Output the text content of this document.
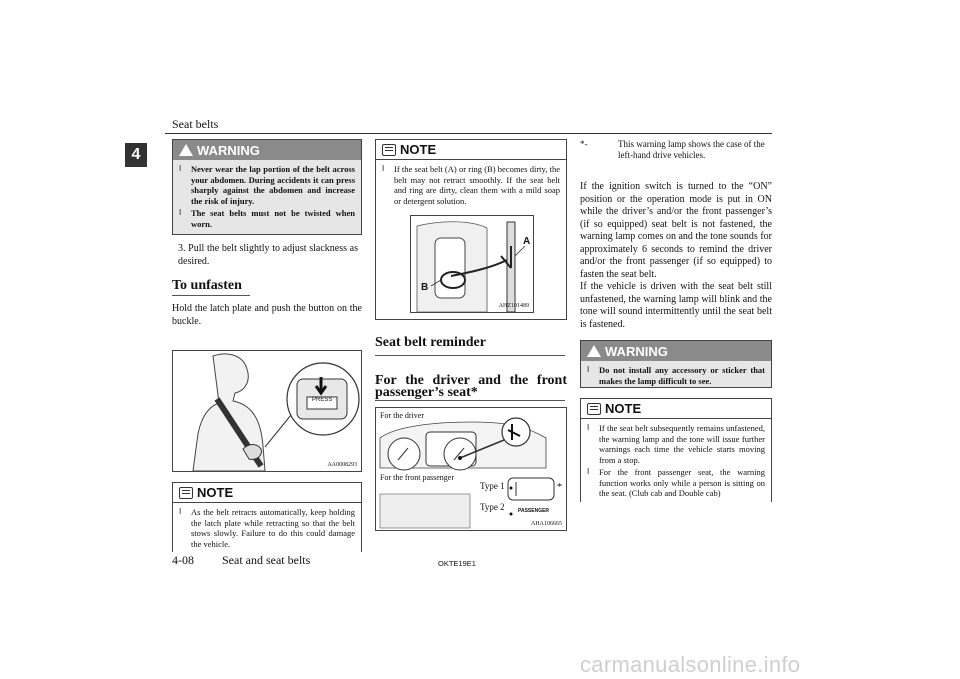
Seat belts
4	WARNING
l	Never wear the lap portion of the belt across your abdomen. During accidents it can press sharply against the abdomen and increase the risk of injury.
l	The seat belts must not be twisted when worn.
3. Pull the belt slightly to adjust slackness as desired.
To unfasten
Hold the latch plate and push the button on the buckle.
PRESS
AA0008293
NOTE
l	As the belt retracts automatically, keep holding the latch plate while retracting so that the belt stows slowly. Failure to do this could damage the vehicle.
NOTE
l	If the seat belt (A) or ring (B) becomes dirty, the belt may not retract smoothly. If the seat belt and ring are dirty, clean them with a mild soap or detergent solution.
A
B
AHZ101489
Seat belt reminder
For the driver and the front passenger’s seat*
For the driver
For the front passenger
Type 1
Type 2
*
PASSENGER
AHA106665
*-	This warning lamp shows the case of the left-hand drive vehicles.
If the ignition switch is turned to the “ON” position or the operation mode is put in ON while the driver’s and/or the front passenger’s (if so equipped) seat belt is not fastened, the warning lamp comes on and the tone sounds for approximately 6 seconds to remind the driver and/or the front passenger (if so equipped) to fasten the seat belt.
If the vehicle is driven with the seat belt still unfastened, the warning lamp will blink and the tone will sound intermittently until the seat belt is fastened.
WARNING
l	Do not install any accessory or sticker that makes the lamp difficult to see.
NOTE
l	If the seat belt subsequently remains unfastened, the warning lamp and the tone will issue further warnings each time the vehicle starts moving from a stop.
l	For the front passenger seat, the warning function works only while a person is sitting on the seat. (Club cab and Double cab)
4-08 Seat and seat belts	OKTE19E1
carmanualsonline.info
